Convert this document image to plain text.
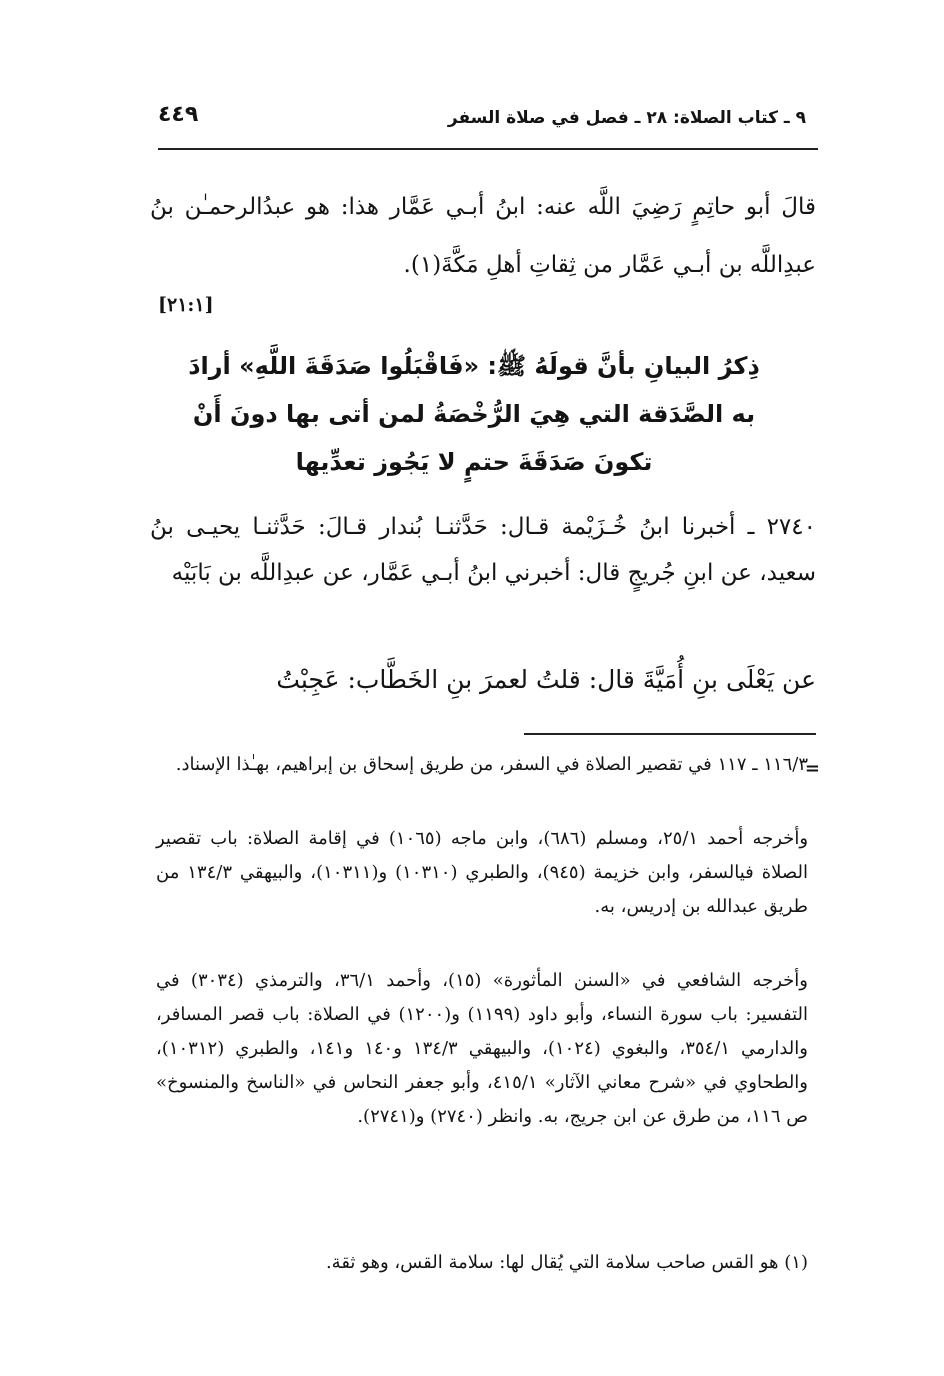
٩ ـ كتاب الصلاة: ٢٨ ـ فصل في صلاة السفر
٤٤٩
قالَ أبو حاتِمٍ رَضِيَ اللَّه عنه: ابنُ أبـي عَمَّار هذا: هو عبدُالرحمـٰن بنُ عبدِاللَّه بن أبـي عَمَّار من ثِقاتِ أهلِ مَكَّةَ(١).
[٢١:١]
ذِكرُ البيانِ بأنَّ قولَهُ ﷺ: «فَاقْبَلُوا صَدَقَةَ اللَّهِ» أرادَ به الصَّدَقة التي هِيَ الرُّخْصَةُ لمن أتى بها دونَ أَنْ تكونَ صَدَقَةَ حتمٍ لا يَجُوز تعدِّيها
٢٧٤٠ ـ أخبرنا ابنُ خُـزَيْمة قـال: حَدَّثنـا بُندار قـالَ: حَدَّثنـا يحيـى بنُ سعيد، عن ابنِ جُريجٍ قال: أخبرني ابنُ أبـي عَمَّار، عن عبدِاللَّه بن بَابَيْه
عن يَعْلَى بنِ أُمَيَّةَ قال: قلتُ لعمرَ بنِ الخَطَّاب: عَجِبْتُ
=
١١٦/٣ ـ ١١٧ في تقصير الصلاة في السفر، من طريق إسحاق بن إبراهيم، بهـٰذا الإسناد.
وأخرجه أحمد ٢٥/١، ومسلم (٦٨٦)، وابن ماجه (١٠٦٥) في إقامة الصلاة: باب تقصير الصلاة فيالسفر، وابن خزيمة (٩٤٥)، والطبري (١٠٣١٠) و(١٠٣١١)، والبيهقي ١٣٤/٣ من طريق عبدالله بن إدريس، به.
وأخرجه الشافعي في «السنن المأثورة» (١٥)، وأحمد ٣٦/١، والترمذي (٣٠٣٤) في التفسير: باب سورة النساء، وأبو داود (١١٩٩) و(١٢٠٠) في الصلاة: باب قصر المسافر، والدارمي ٣٥٤/١، والبغوي (١٠٢٤)، والبيهقي ١٣٤/٣ و١٤٠ و١٤١، والطبري (١٠٣١٢)، والطحاوي في «شرح معاني الآثار» ٤١٥/١، وأبو جعفر النحاس في «الناسخ والمنسوخ» ص ١١٦، من طرق عن ابن جريج، به. وانظر (٢٧٤٠) و(٢٧٤١).
(١) هو القس صاحب سلامة التي يُقال لها: سلامة القس، وهو ثقة.
